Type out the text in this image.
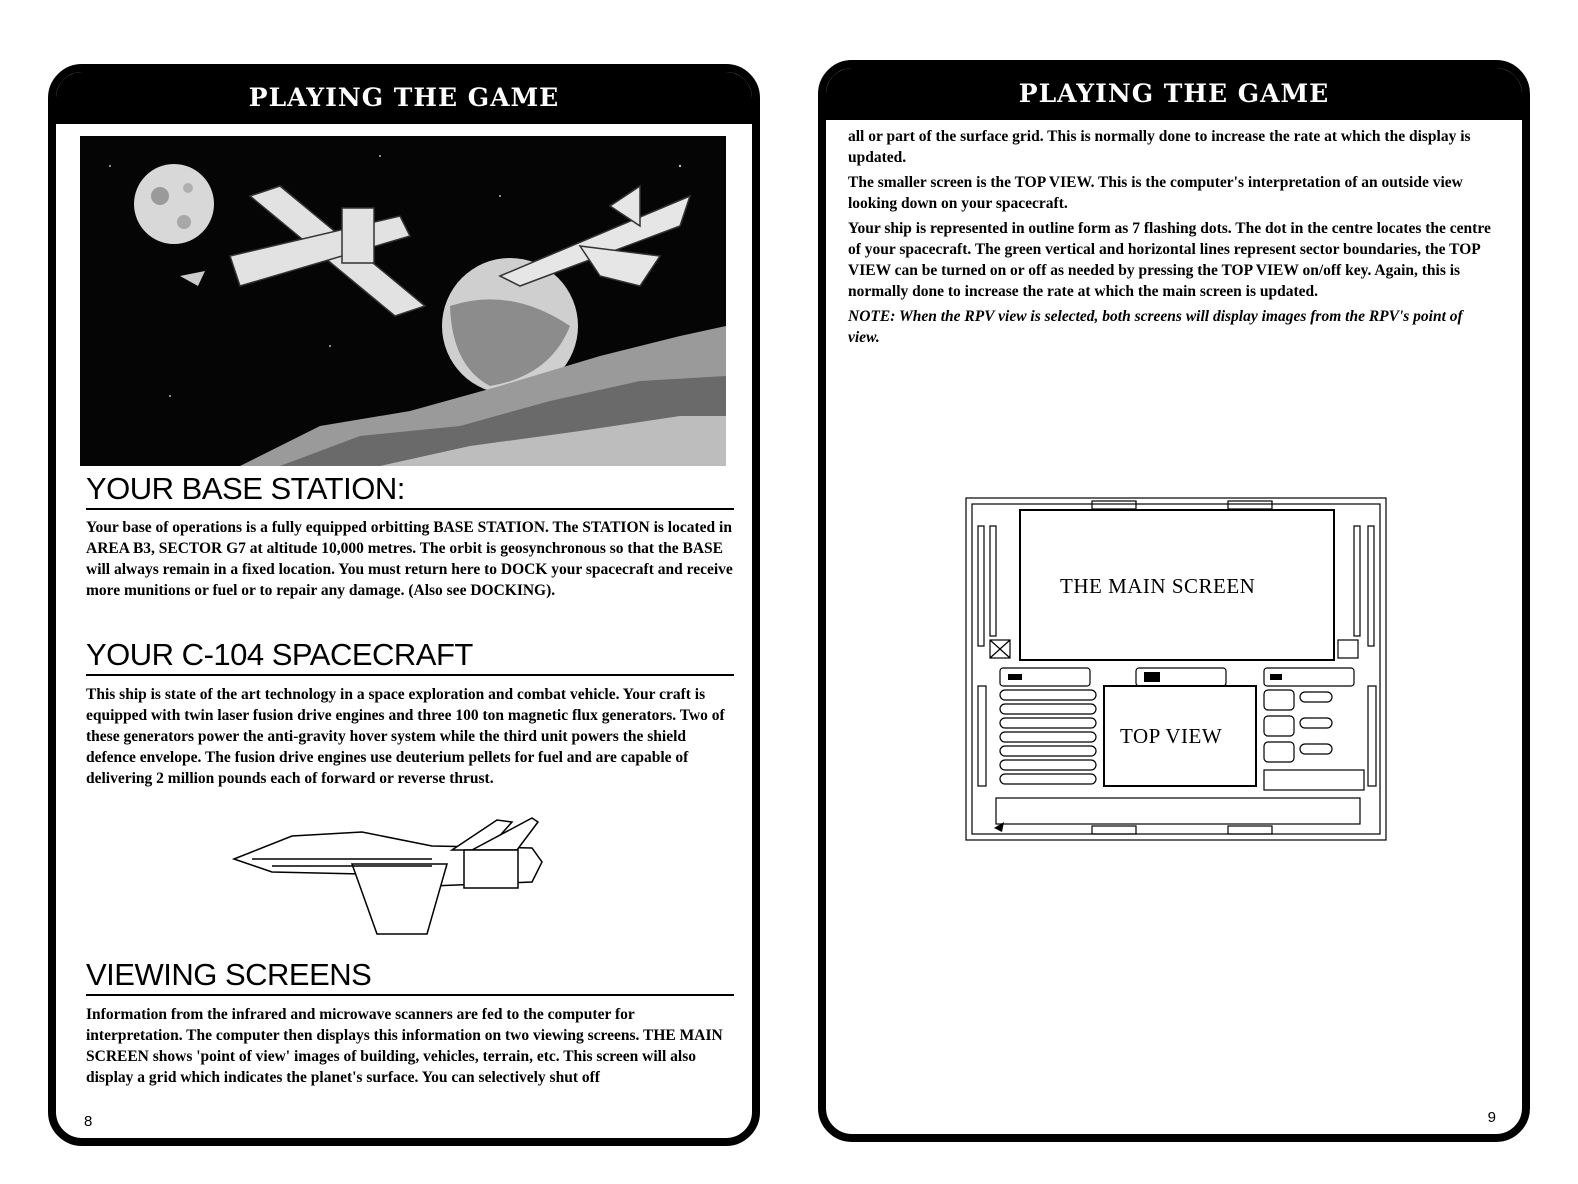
PLAYING THE GAME
YOUR BASE STATION:

Your base of operations is a fully equipped orbitting BASE STATION. The STATION is located in AREA B3, SECTOR G7 at altitude 10,000 metres. The orbit is geosynchronous so that the BASE will always remain in a fixed location. You must return here to DOCK your spacecraft and receive more munitions or fuel or to repair any damage. (Also see DOCKING).

YOUR C-104 SPACECRAFT

This ship is state of the art technology in a space exploration and combat vehicle. Your craft is equipped with twin laser fusion drive engines and three 100 ton magnetic flux generators. Two of these generators power the anti-gravity hover system while the third unit powers the shield defence envelope. The fusion drive engines use deuterium pellets for fuel and are capable of delivering 2 million pounds each of forward or reverse thrust.

VIEWING SCREENS

Information from the infrared and microwave scanners are fed to the computer for interpretation. The computer then displays this information on two viewing screens. THE MAIN SCREEN shows 'point of view' images of building, vehicles, terrain, etc. This screen will also display a grid which indicates the planet's surface. You can selectively shut off

8
PLAYING THE GAME

all or part of the surface grid. This is normally done to increase the rate at which the display is updated.

The smaller screen is the TOP VIEW. This is the computer's interpretation of an outside view looking down on your spacecraft.

Your ship is represented in outline form as 7 flashing dots. The dot in the centre locates the centre of your spacecraft. The green vertical and horizontal lines represent sector boundaries, the TOP VIEW can be turned on or off as needed by pressing the TOP VIEW on/off key. Again, this is normally done to increase the rate at which the main screen is updated.

NOTE: When the RPV view is selected, both screens will display images from the RPV's point of view.

THE MAIN SCREEN
TOP VIEW
9
